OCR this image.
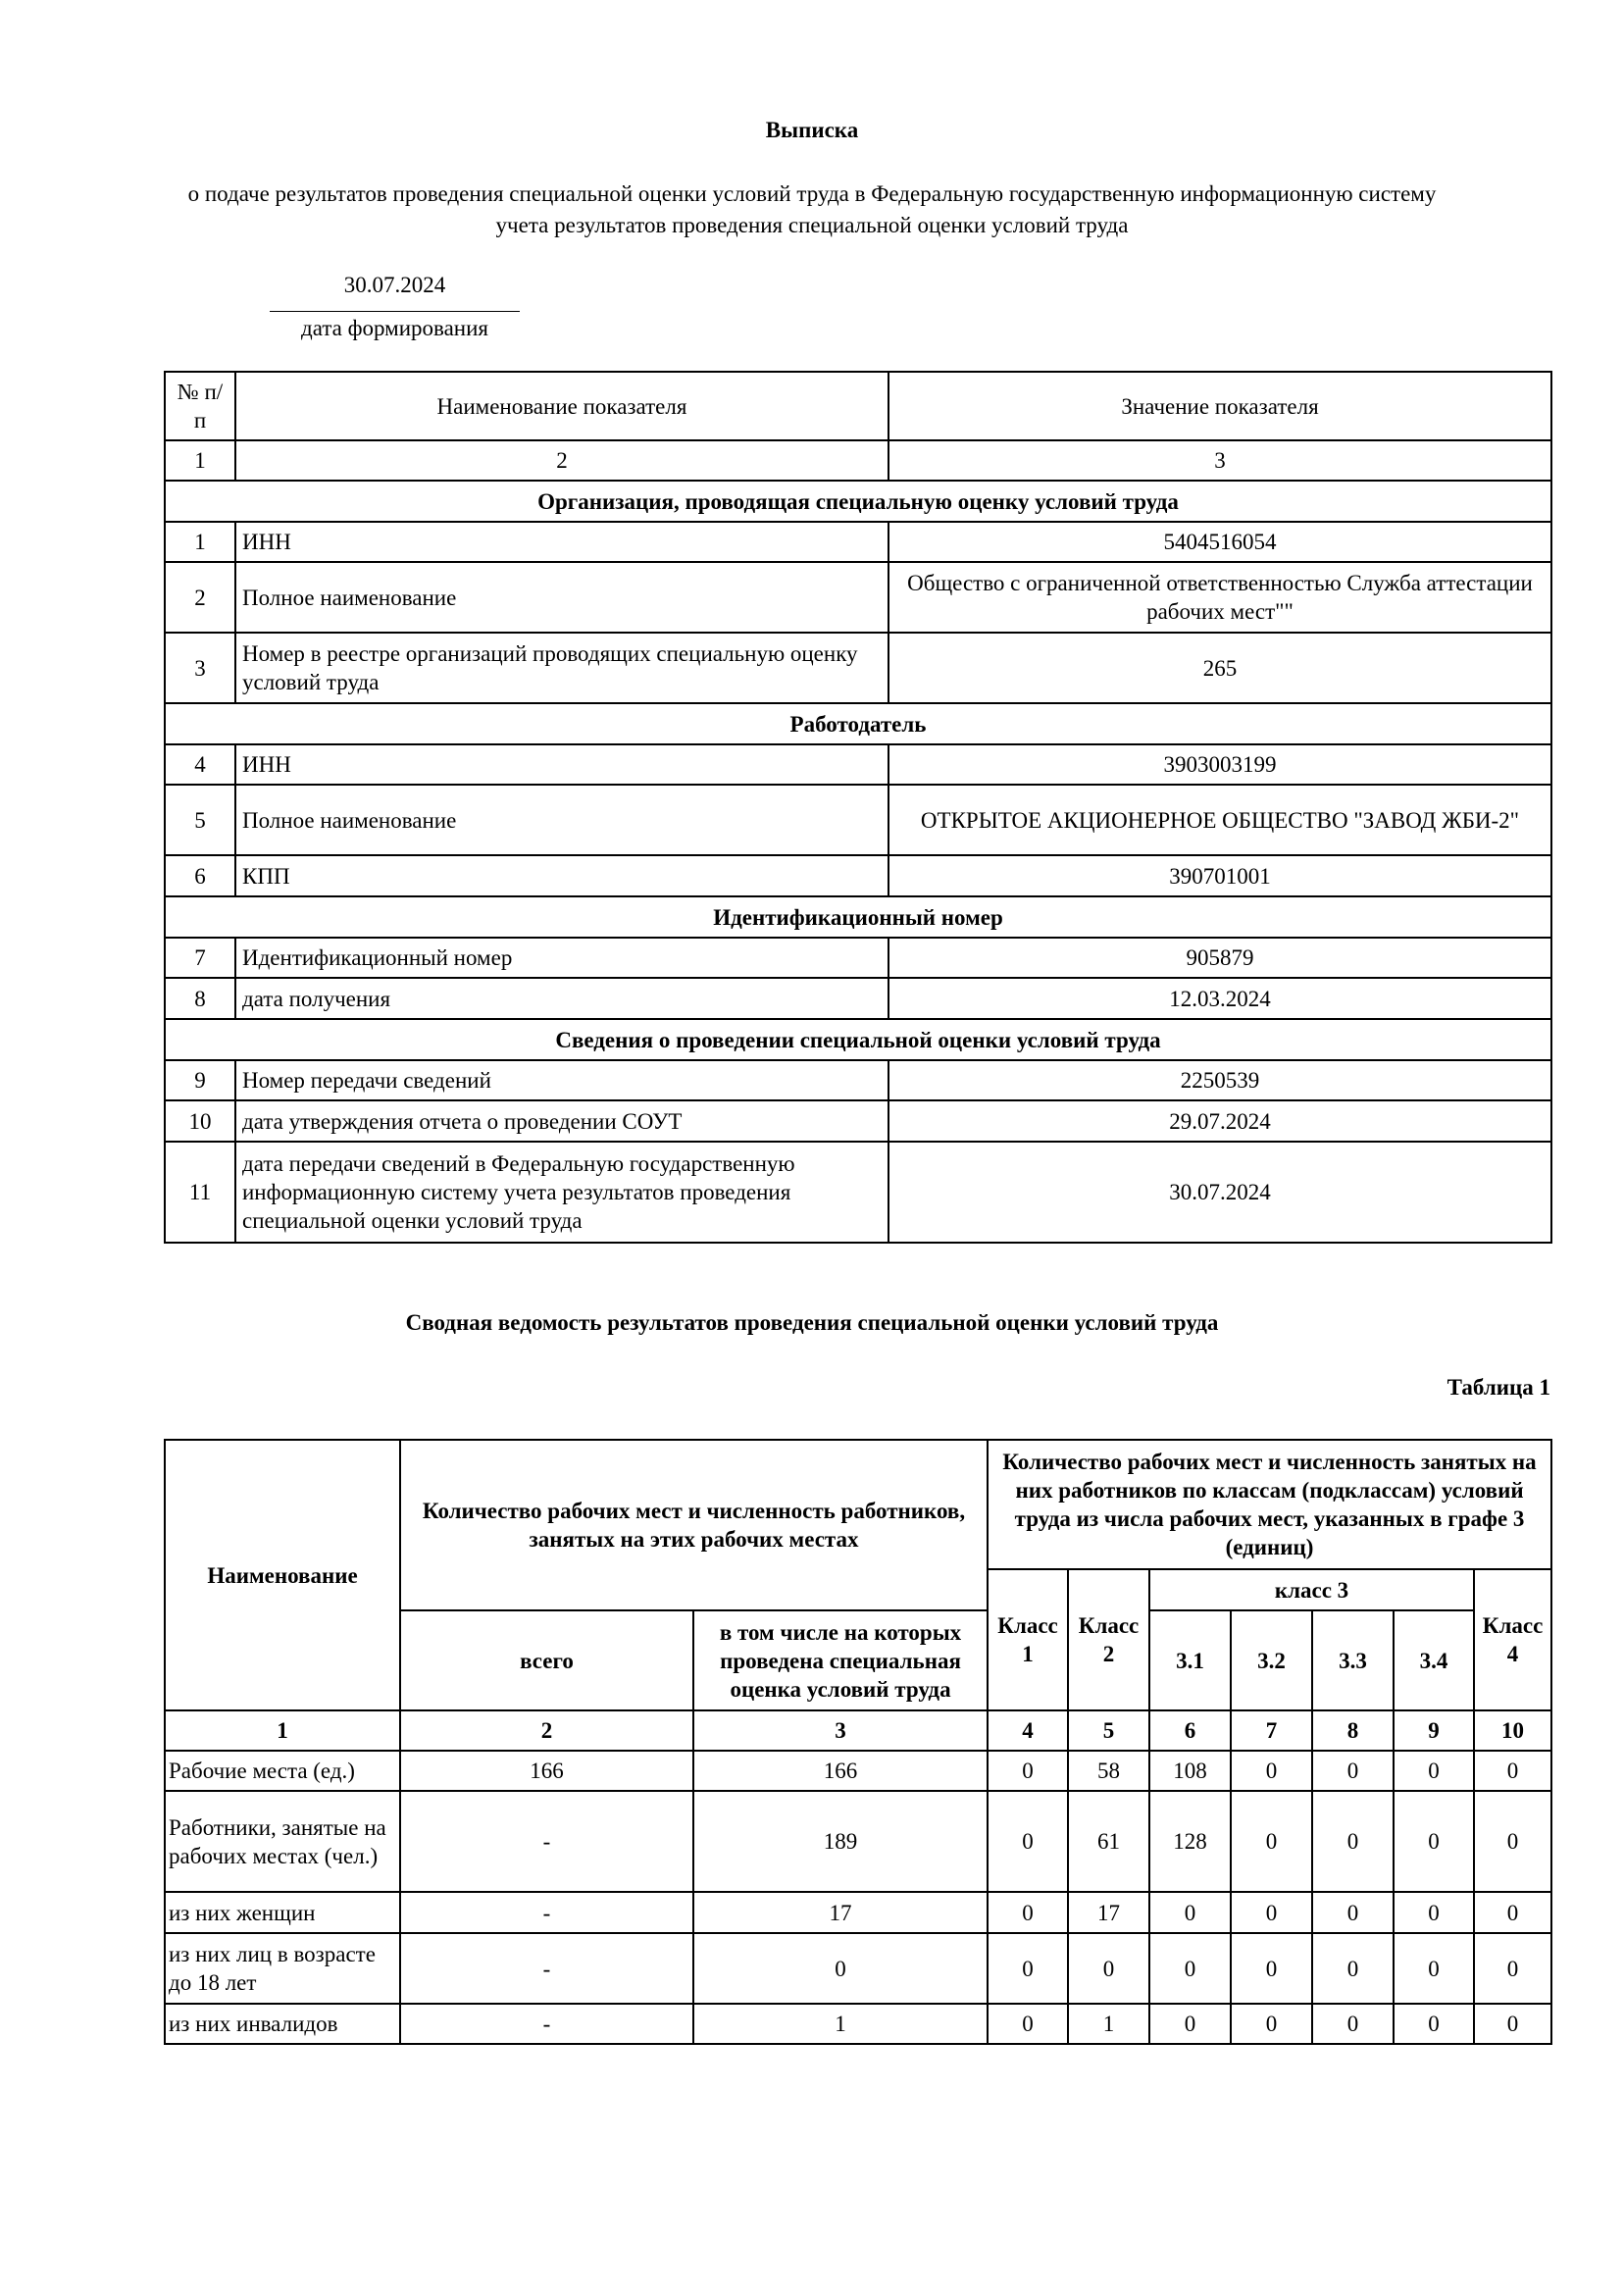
Выписка
о подаче результатов проведения специальной оценки условий труда в Федеральную государственную информационную систему учета результатов проведения специальной оценки условий труда
30.07.2024
дата формирования
№ п/п	Наименование показателя	Значение показателя
1	2	3
Организация, проводящая специальную оценку условий труда		
1	ИНН	5404516054
2	Полное наименование	Общество с ограниченной ответственностью Служба аттестации рабочих мест""
3	Номер в реестре организаций проводящих специальную оценку условий труда	265
Работодатель		
4	ИНН	3903003199
5	Полное наименование	ОТКРЫТОЕ АКЦИОНЕРНОЕ ОБЩЕСТВО "ЗАВОД ЖБИ-2"
6	КПП	390701001
Идентификационный номер		
7	Идентификационный номер	905879
8	дата получения	12.03.2024
Сведения о проведении специальной оценки условий труда		
9	Номер передачи сведений	2250539
10	дата утверждения отчета о проведении СОУТ	29.07.2024
11	дата передачи сведений в Федеральную государственную информационную систему учета результатов проведения специальной оценки условий труда	30.07.2024
Сводная ведомость результатов проведения специальной оценки условий труда
Таблица 1
Наименование	Количество рабочих мест и численность работников, занятых на этих рабочих местах		Количество рабочих мест и численность занятых на них работников по классам (подклассам) условий труда из числа рабочих мест, указанных в графе 3 (единиц)						
			Класс 1	Класс 2	класс 3				Класс 4
	всего	в том числе на которых проведена специальная оценка условий труда			3.1	3.2	3.3	3.4	
1	2	3	4	5	6	7	8	9	10
Рабочие места (ед.)	166	166	0	58	108	0	0	0	0
Работники, занятые на рабочих местах (чел.)	-	189	0	61	128	0	0	0	0
из них женщин	-	17	0	17	0	0	0	0	0
из них лиц в возрасте до 18 лет	-	0	0	0	0	0	0	0	0
из них инвалидов	-	1	0	1	0	0	0	0	0
